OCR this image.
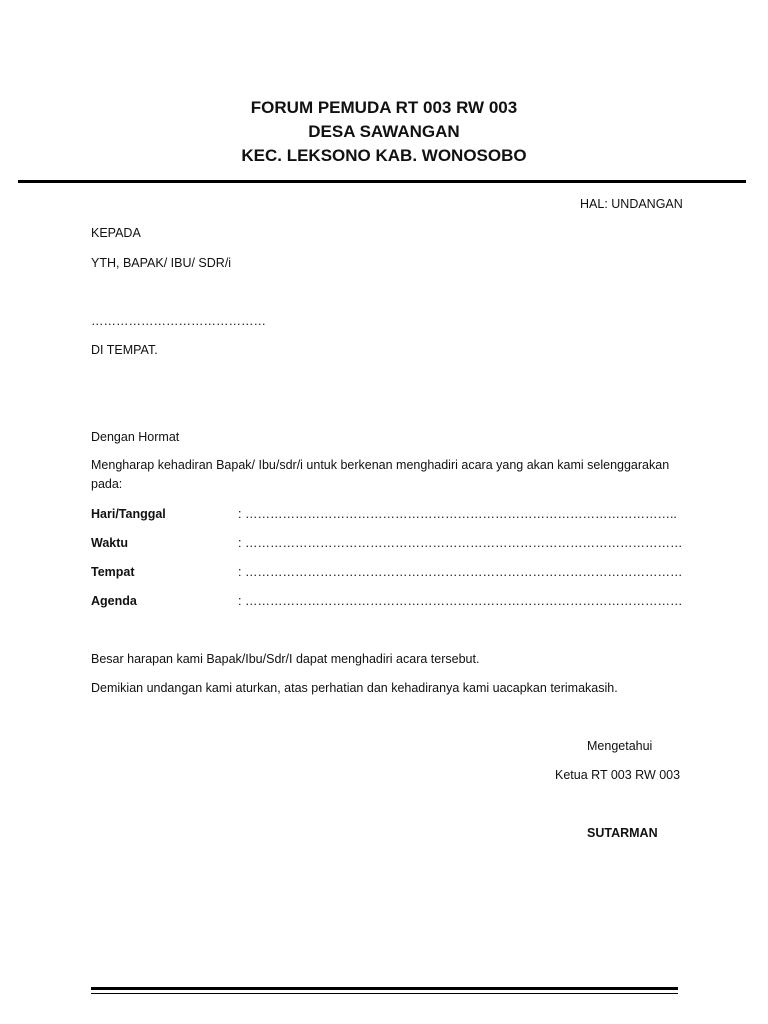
FORUM PEMUDA RT 003 RW 003
DESA SAWANGAN
KEC. LEKSONO KAB. WONOSOBO
HAL: UNDANGAN
KEPADA
YTH, BAPAK/ IBU/ SDR/i
……………………………………
DI TEMPAT.
Dengan Hormat
Mengharap kehadiran Bapak/ Ibu/sdr/i untuk berkenan menghadiri acara yang akan kami selenggarakan pada:
Hari/Tanggal	: …………………………………………………………………………………………..
Waktu	: ……………………………………………………………………………………………
Tempat	: ……………………………………………………………………………………………
Agenda	: ……………………………………………………………………………………………
Besar harapan kami Bapak/Ibu/Sdr/I dapat menghadiri acara tersebut.
Demikian undangan kami aturkan, atas perhatian dan kehadiranya kami uacapkan terimakasih.
Mengetahui
Ketua RT 003 RW 003
SUTARMAN
